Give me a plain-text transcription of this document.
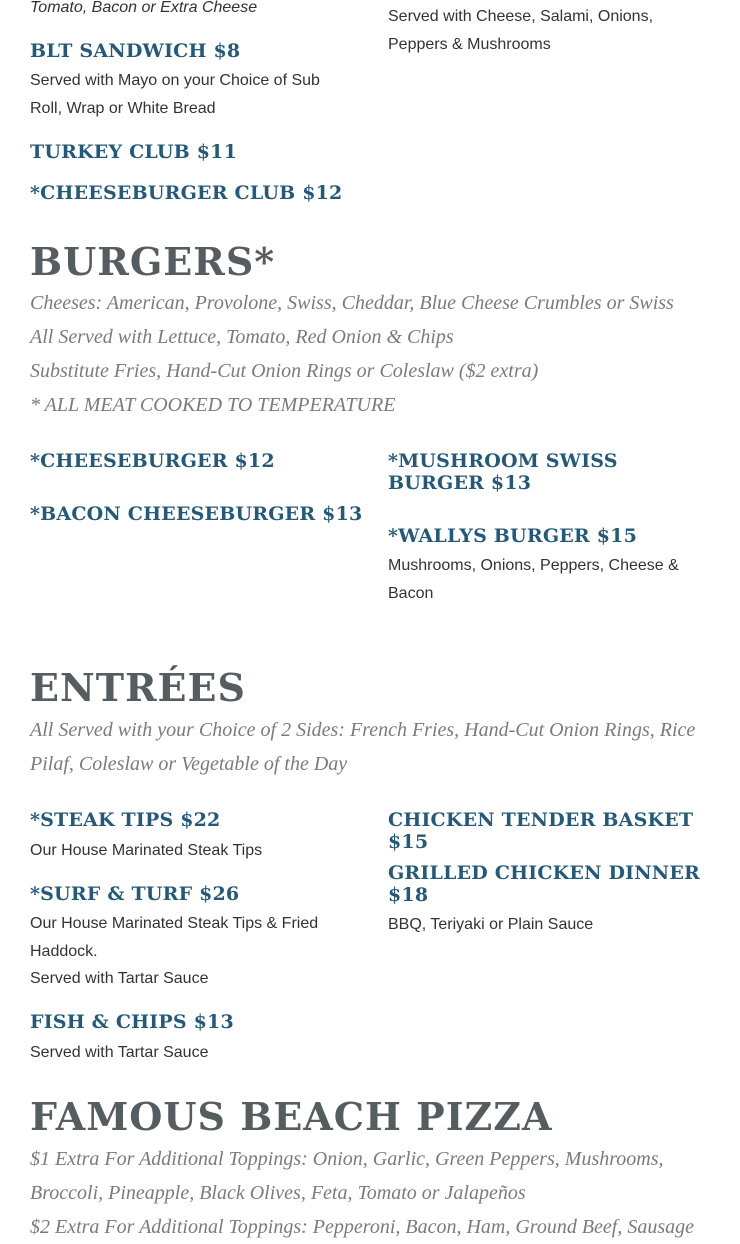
Tomato, Bacon or Extra Cheese
Served with Cheese, Salami, Onions, Peppers & Mushrooms
BLT SANDWICH $8
Served with Mayo on your Choice of Sub Roll, Wrap or White Bread
TURKEY CLUB $11
*CHEESEBURGER CLUB $12
BURGERS*
Cheeses: American, Provolone, Swiss, Cheddar, Blue Cheese Crumbles or Swiss
All Served with Lettuce, Tomato, Red Onion & Chips
Substitute Fries, Hand-Cut Onion Rings or Coleslaw ($2 extra)
* ALL MEAT COOKED TO TEMPERATURE
*CHEESEBURGER $12
*BACON CHEESEBURGER $13
*MUSHROOM SWISS BURGER $13
*WALLYS BURGER $15
Mushrooms, Onions, Peppers, Cheese & Bacon
ENTRÉES
All Served with your Choice of 2 Sides: French Fries, Hand-Cut Onion Rings, Rice Pilaf, Coleslaw or Vegetable of the Day
*STEAK TIPS $22
Our House Marinated Steak Tips
*SURF & TURF $26
Our House Marinated Steak Tips & Fried Haddock.
Served with Tartar Sauce
FISH & CHIPS $13
Served with Tartar Sauce
CHICKEN TENDER BASKET $15
GRILLED CHICKEN DINNER $18
BBQ, Teriyaki or Plain Sauce
FAMOUS BEACH PIZZA
$1 Extra For Additional Toppings: Onion, Garlic, Green Peppers, Mushrooms, Broccoli, Pineapple, Black Olives, Feta, Tomato or Jalapeños
$2 Extra For Additional Toppings: Pepperoni, Bacon, Ham, Ground Beef, Sausage
